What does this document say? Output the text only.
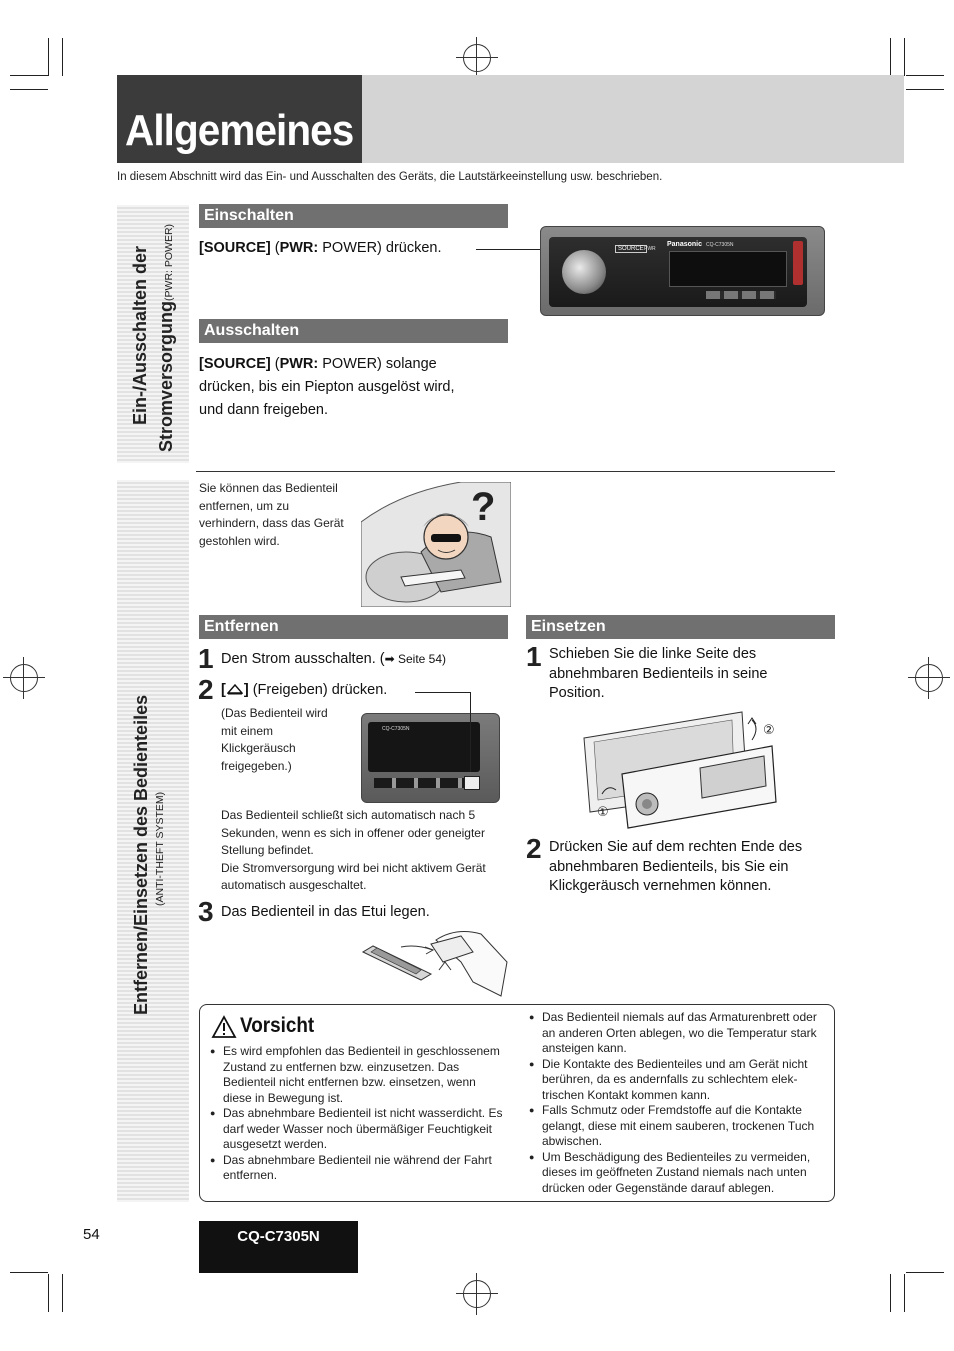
Allgemeines
In diesem Abschnitt wird das Ein- und Ausschalten des Geräts, die Lautstärkeeinstellung usw. beschrieben.
Ein-/Ausschalten der Stromversorgung(PWR: POWER)
Entfernen/Einsetzen des Bedienteiles (ANTI-THEFT SYSTEM)
Einschalten
[SOURCE] (PWR: POWER) drücken.	SOURCE PWR
Panasonic CQ-C7305N
Ausschalten
[SOURCE] (PWR: POWER) solange
drücken, bis ein Piepton ausgelöst wird,
und dann freigeben.
Sie können das Bedienteil
entfernen, um zu
verhindern, dass das Gerät
gestohlen wird.
?
Entfernen
1 Den Strom ausschalten. (➡ Seite 54)
2 [ ] (Freigeben) drücken.
(Das Bedienteil wird
mit einem
Klickgeräusch
freigegeben.)
CQ-C7305N
Das Bedienteil schließt sich automatisch nach 5
Sekunden, wenn es sich in offener oder geneigter
Stellung befindet.
Die Stromversorgung wird bei nicht aktivem Gerät
automatisch ausgeschaltet.
3 Das Bedienteil in das Etui legen.
Einsetzen
1 Schieben Sie die linke Seite des
abnehmbaren Bedienteils in seine
Position.
①
②
2 Drücken Sie auf dem rechten Ende des
abnehmbaren Bedienteils, bis Sie ein
Klickgeräusch vernehmen können.
Vorsicht
● Es wird empfohlen das Bedienteil in geschlossenem
Zustand zu entfernen bzw. einzusetzen. Das
Bedienteil nicht entfernen bzw. einsetzen, wenn
diese in Bewegung ist.
● Das abnehmbare Bedienteil ist nicht wasserdicht. Es
darf weder Wasser noch übermäßiger Feuchtigkeit
ausgesetzt werden.
● Das abnehmbare Bedienteil nie während der Fahrt
entfernen.
● Das Bedienteil niemals auf das Armaturenbrett oder
an anderen Orten ablegen, wo die Temperatur stark
ansteigen kann.
● Die Kontakte des Bedienteiles und am Gerät nicht
berühren, da es andernfalls zu schlechtem elek-
trischen Kontakt kommen kann.
● Falls Schmutz oder Fremdstoffe auf die Kontakte
gelangt, diese mit einem sauberen, trockenen Tuch
abwischen.
● Um Beschädigung des Bedienteiles zu vermeiden,
dieses im geöffneten Zustand niemals nach unten
drücken oder Gegenstände darauf ablegen.
54	CQ-C7305N
